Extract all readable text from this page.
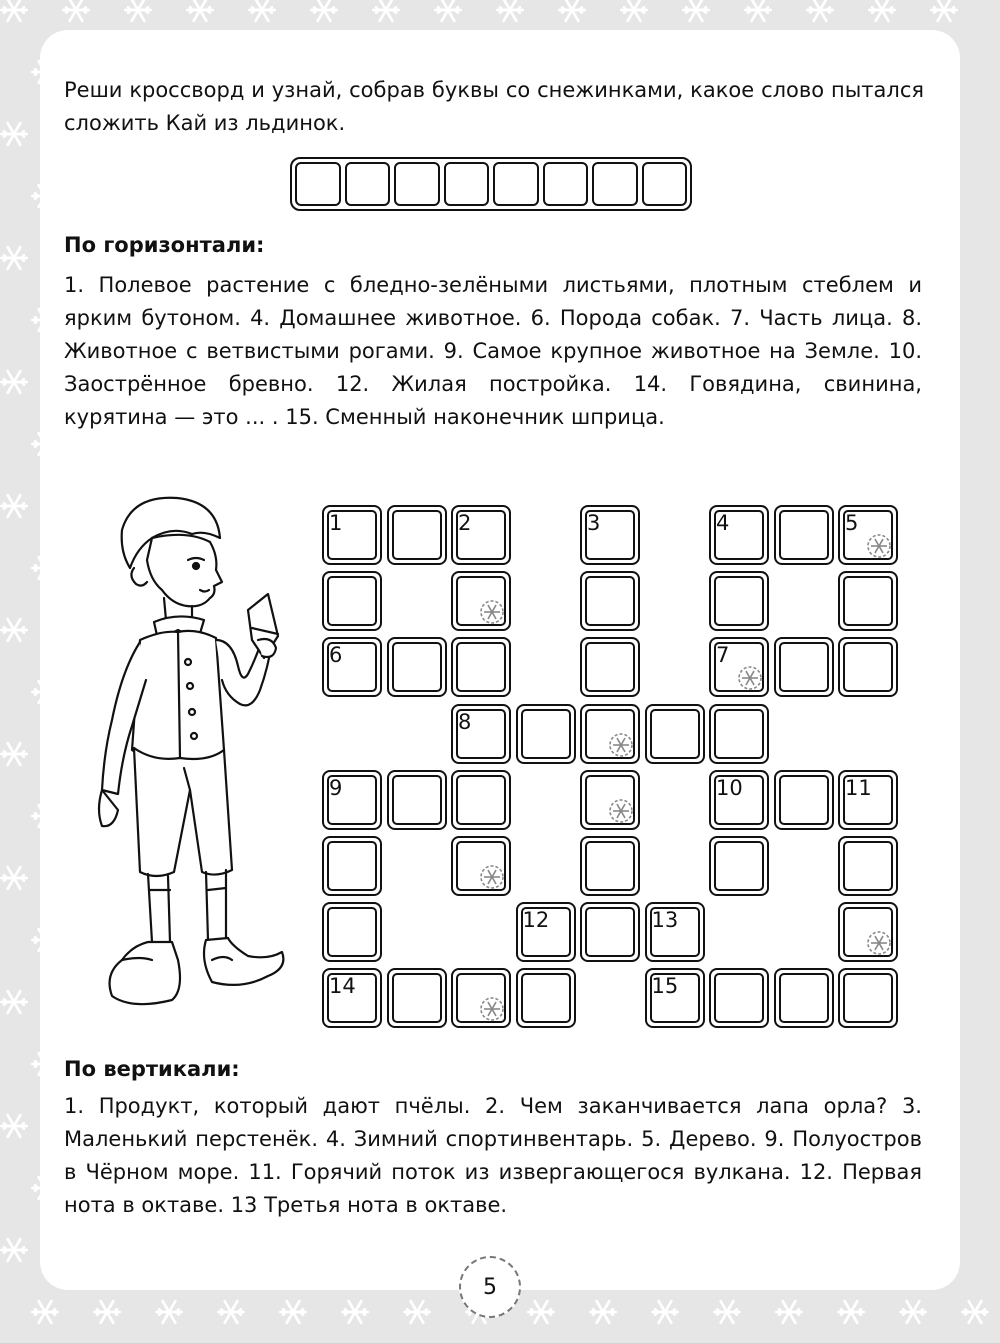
Реши кроссворд и узнай, собрав буквы со снежинками, какое слово пытался сложить Кай из льдинок.
По горизонтали:
1. Полевое растение с бледно-зелёными листьями, плотным стеблем и ярким бутоном. 4. Домашнее животное. 6. Порода собак. 7. Часть лица. 8. Животное с ветвистыми рогами. 9. Самое крупное животное на Земле. 10. Заострённое бревно. 12. Жилая постройка. 14. Говядина, свинина, курятина — это ... . 15. Сменный наконечник шприца.
1	2	3	4	5
6	7
8
9	10	11
12	13
14	15
По вертикали:
1. Продукт, который дают пчёлы. 2. Чем заканчивается лапа орла? 3. Маленький перстенёк. 4. Зимний спортинвентарь. 5. Дерево. 9. Полуостров в Чёрном море. 11. Горячий поток из извергающегося вулкана. 12. Первая нота в октаве. 13 Третья нота в октаве.
5
